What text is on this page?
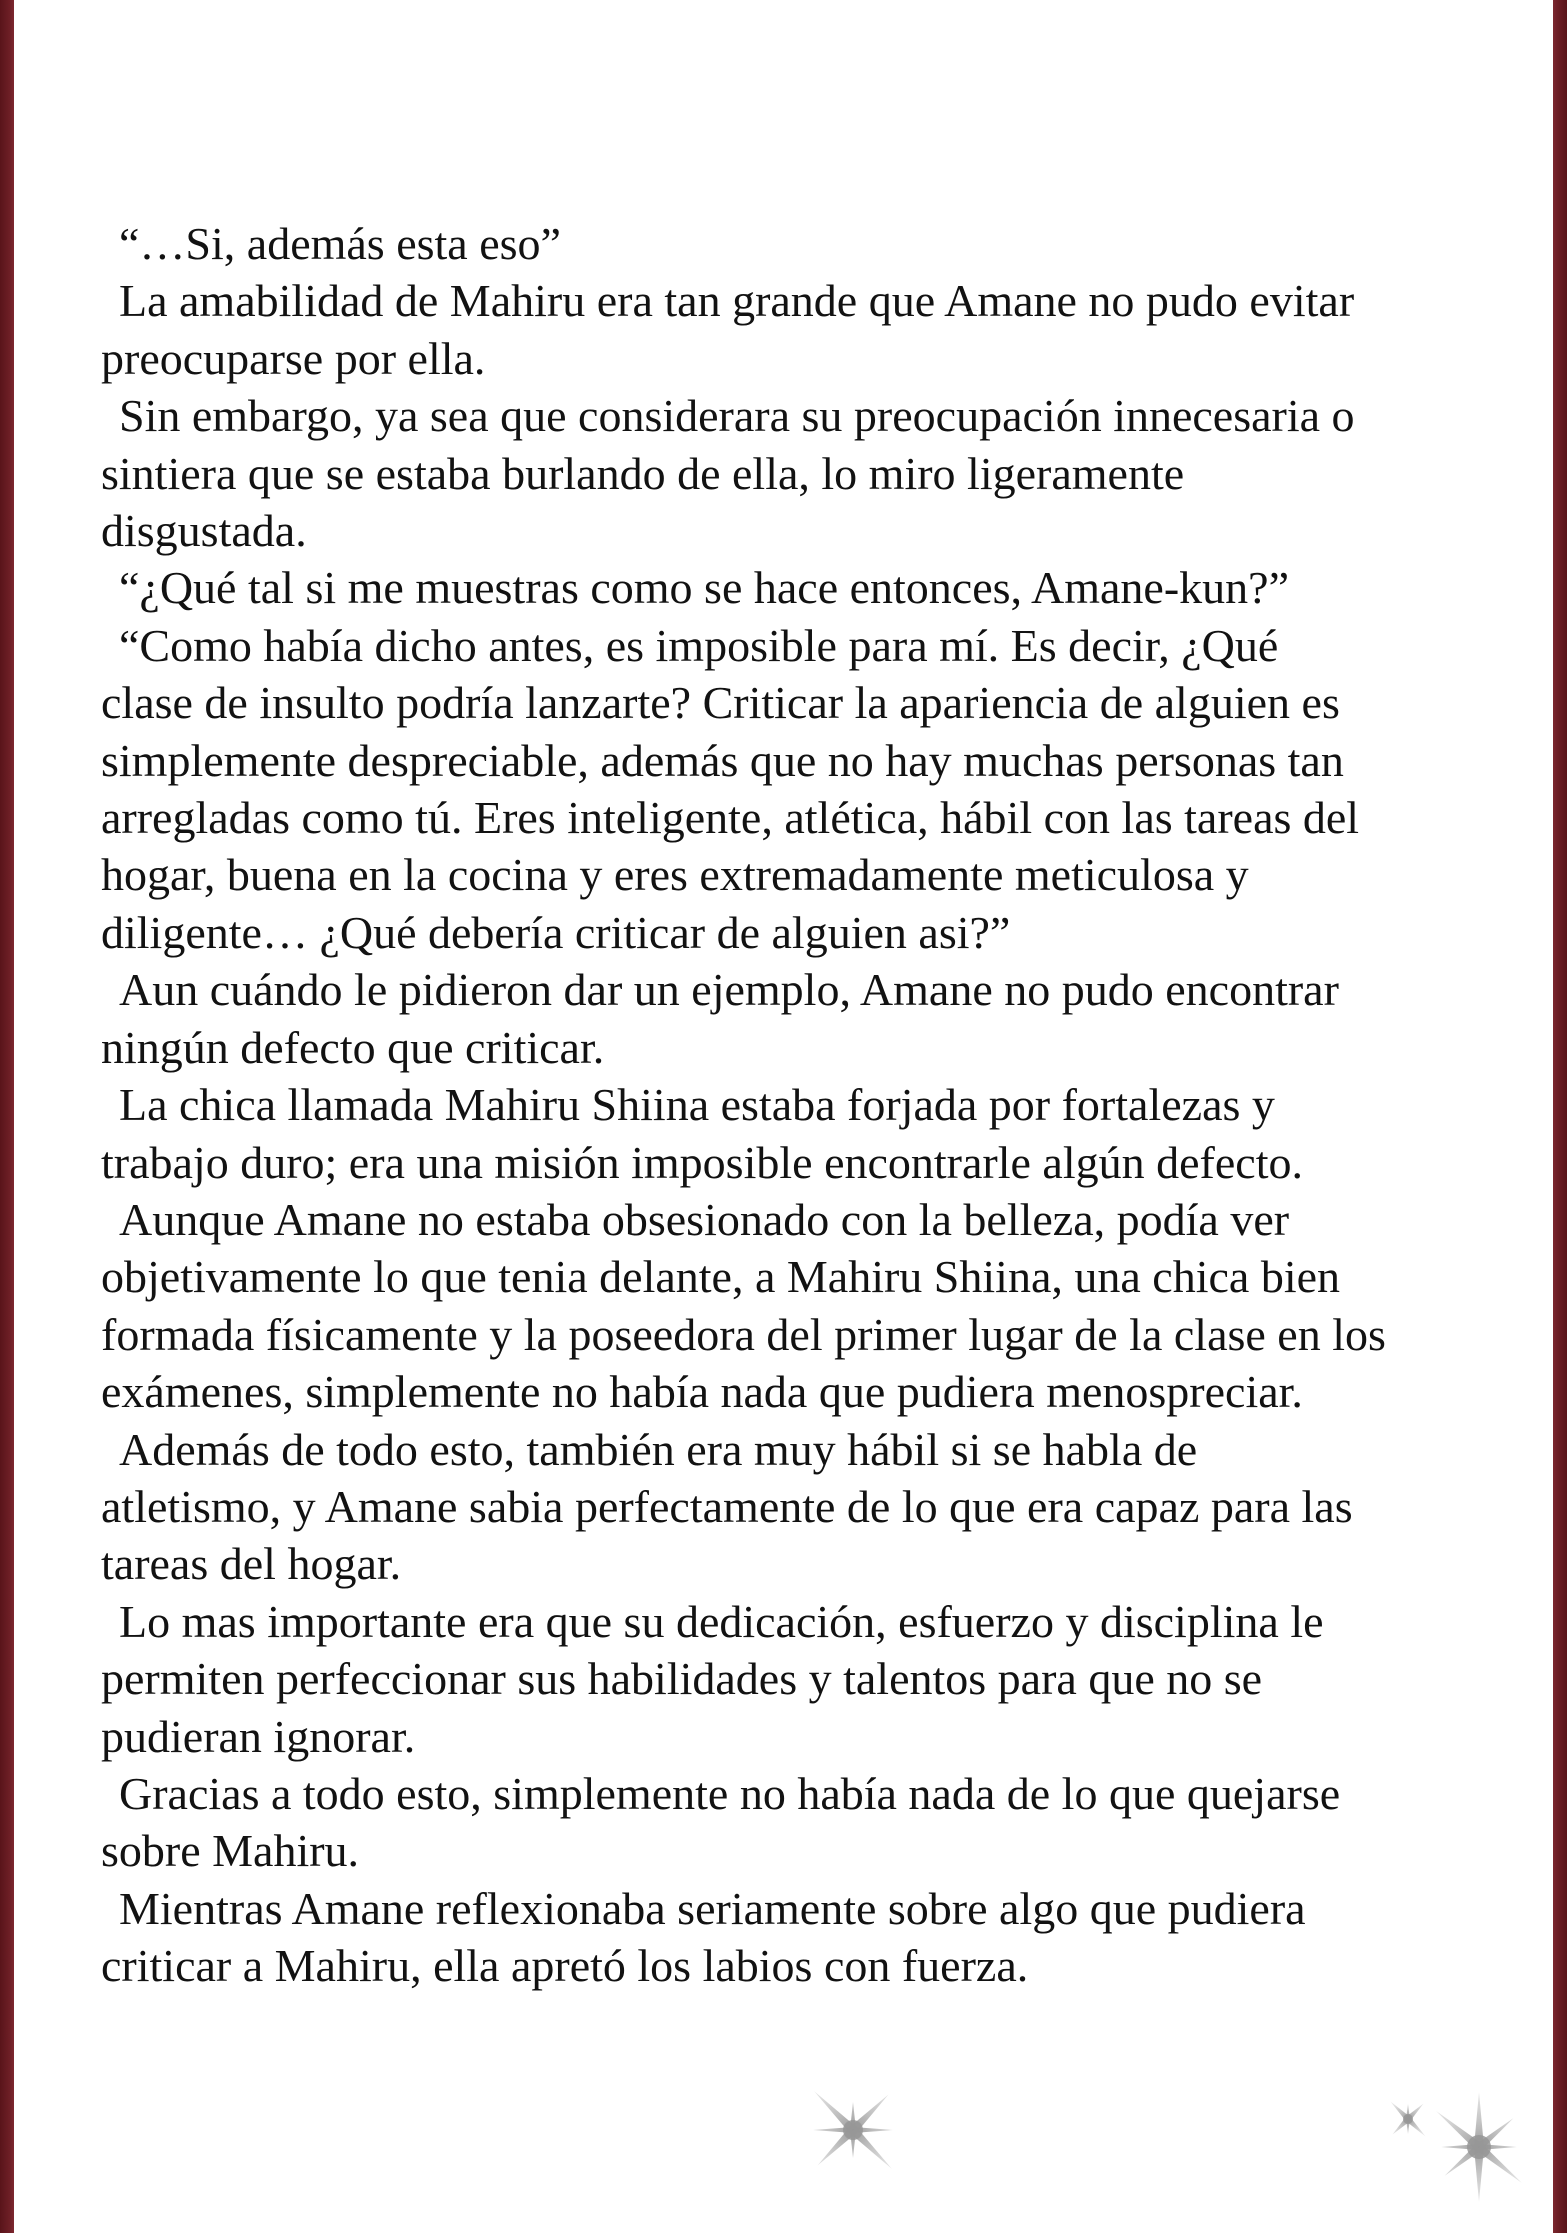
“…Si, además esta eso”
La amabilidad de Mahiru era tan grande que Amane no pudo evitar
preocuparse por ella.
Sin embargo, ya sea que considerara su preocupación innecesaria o
sintiera que se estaba burlando de ella, lo miro ligeramente
disgustada.
“¿Qué tal si me muestras como se hace entonces, Amane-kun?”
“Como había dicho antes, es imposible para mí. Es decir, ¿Qué
clase de insulto podría lanzarte? Criticar la apariencia de alguien es
simplemente despreciable, además que no hay muchas personas tan
arregladas como tú. Eres inteligente, atlética, hábil con las tareas del
hogar, buena en la cocina y eres extremadamente meticulosa y
diligente… ¿Qué debería criticar de alguien asi?”
Aun cuándo le pidieron dar un ejemplo, Amane no pudo encontrar
ningún defecto que criticar.
La chica llamada Mahiru Shiina estaba forjada por fortalezas y
trabajo duro; era una misión imposible encontrarle algún defecto.
Aunque Amane no estaba obsesionado con la belleza, podía ver
objetivamente lo que tenia delante, a Mahiru Shiina, una chica bien
formada físicamente y la poseedora del primer lugar de la clase en los
exámenes, simplemente no había nada que pudiera menospreciar.
Además de todo esto, también era muy hábil si se habla de
atletismo, y Amane sabia perfectamente de lo que era capaz para las
tareas del hogar.
Lo mas importante era que su dedicación, esfuerzo y disciplina le
permiten perfeccionar sus habilidades y talentos para que no se
pudieran ignorar.
Gracias a todo esto, simplemente no había nada de lo que quejarse
sobre Mahiru.
Mientras Amane reflexionaba seriamente sobre algo que pudiera
criticar a Mahiru, ella apretó los labios con fuerza.
